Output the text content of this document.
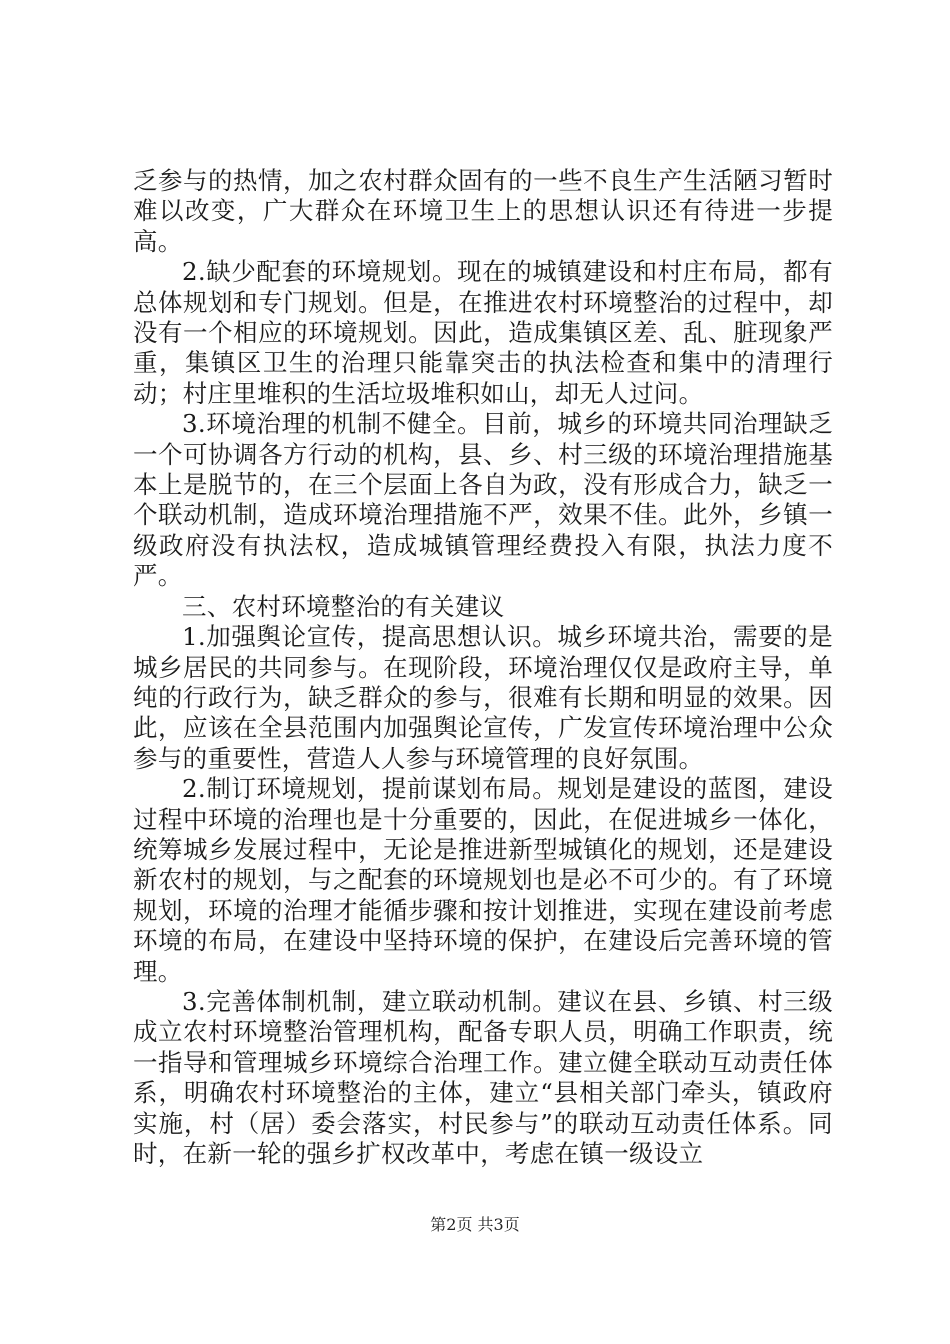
乏参与的热情，加之农村群众固有的一些不良生产生活陋习暂时难以改变，广大群众在环境卫生上的思想认识还有待进一步提高。

2.缺少配套的环境规划。现在的城镇建设和村庄布局，都有总体规划和专门规划。但是，在推进农村环境整治的过程中，却没有一个相应的环境规划。因此，造成集镇区差、乱、脏现象严重，集镇区卫生的治理只能靠突击的执法检查和集中的清理行动；村庄里堆积的生活垃圾堆积如山，却无人过问。

3.环境治理的机制不健全。目前，城乡的环境共同治理缺乏一个可协调各方行动的机构，县、乡、村三级的环境治理措施基本上是脱节的，在三个层面上各自为政，没有形成合力，缺乏一个联动机制，造成环境治理措施不严，效果不佳。此外，乡镇一级政府没有执法权，造成城镇管理经费投入有限，执法力度不严。

三、农村环境整治的有关建议

1.加强舆论宣传，提高思想认识。城乡环境共治，需要的是城乡居民的共同参与。在现阶段，环境治理仅仅是政府主导，单纯的行政行为，缺乏群众的参与，很难有长期和明显的效果。因此，应该在全县范围内加强舆论宣传，广发宣传环境治理中公众参与的重要性，营造人人参与环境管理的良好氛围。

2.制订环境规划，提前谋划布局。规划是建设的蓝图，建设过程中环境的治理也是十分重要的，因此，在促进城乡一体化，统筹城乡发展过程中，无论是推进新型城镇化的规划，还是建设新农村的规划，与之配套的环境规划也是必不可少的。有了环境规划，环境的治理才能循步骤和按计划推进，实现在建设前考虑环境的布局，在建设中坚持环境的保护，在建设后完善环境的管理。

3.完善体制机制，建立联动机制。建议在县、乡镇、村三级成立农村环境整治管理机构，配备专职人员，明确工作职责，统一指导和管理城乡环境综合治理工作。建立健全联动互动责任体系，明确农村环境整治的主体，建立“县相关部门牵头，镇政府实施，村（居）委会落实，村民参与”的联动互动责任体系。同时，在新一轮的强乡扩权改革中，考虑在镇一级设立

第2页 共3页
